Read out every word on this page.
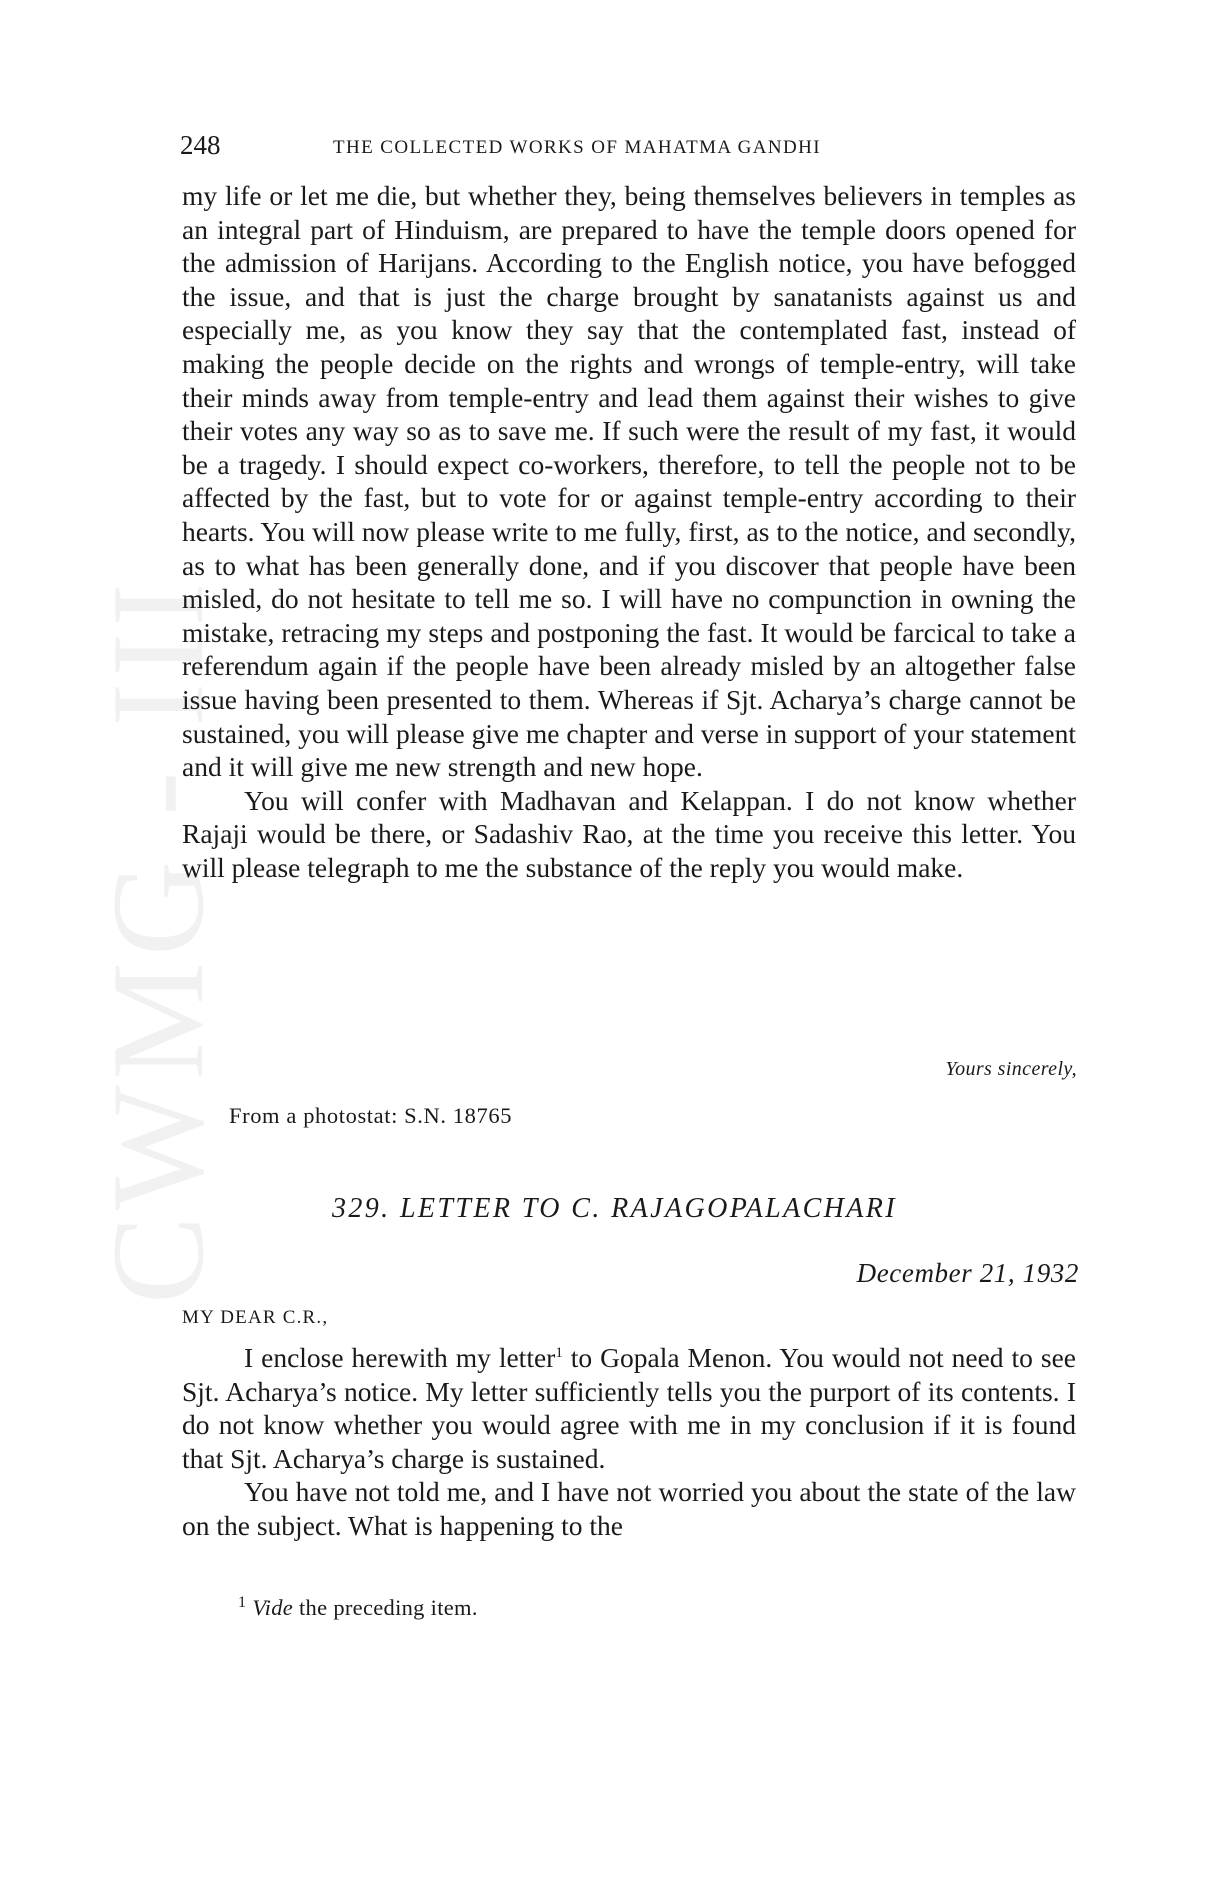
CWMG - III
248	THE COLLECTED WORKS OF MAHATMA GANDHI

my life or let me die, but whether they, being themselves believers in temples as an integral part of Hinduism, are prepared to have the temple doors opened for the admission of Harijans. According to the English notice, you have befogged the issue, and that is just the charge brought by sanatanists against us and especially me, as you know they say that the contemplated fast, instead of making the people decide on the rights and wrongs of temple-entry, will take their minds away from temple-entry and lead them against their wishes to give their votes any way so as to save me. If such were the result of my fast, it would be a tragedy. I should expect co-workers, therefore, to tell the people not to be affected by the fast, but to vote for or against temple-entry according to their hearts. You will now please write to me fully, first, as to the notice, and secondly, as to what has been generally done, and if you discover that people have been misled, do not hesitate to tell me so. I will have no compunction in owning the mistake, retracing my steps and postponing the fast. It would be farcical to take a referendum again if the people have been already misled by an altogether false issue having been presented to them. Whereas if Sjt. Acharya’s charge cannot be sustained, you will please give me chapter and verse in support of your statement and it will give me new strength and new hope.

You will confer with Madhavan and Kelappan. I do not know whether Rajaji would be there, or Sadashiv Rao, at the time you receive this letter. You will please telegraph to me the substance of the reply you would make.

Yours sincerely,
From a photostat: S.N. 18765
329. LETTER TO C. RAJAGOPALACHARI
December 21, 1932
MY DEAR C.R.,

I enclose herewith my letter$^1$ to Gopala Menon. You would not need to see Sjt. Acharya’s notice. My letter sufficiently tells you the purport of its contents. I do not know whether you would agree with me in my conclusion if it is found that Sjt. Acharya’s charge is sustained.

You have not told me, and I have not worried you about the state of the law on the subject. What is happening to the

$^1$ Vide the preceding item.
